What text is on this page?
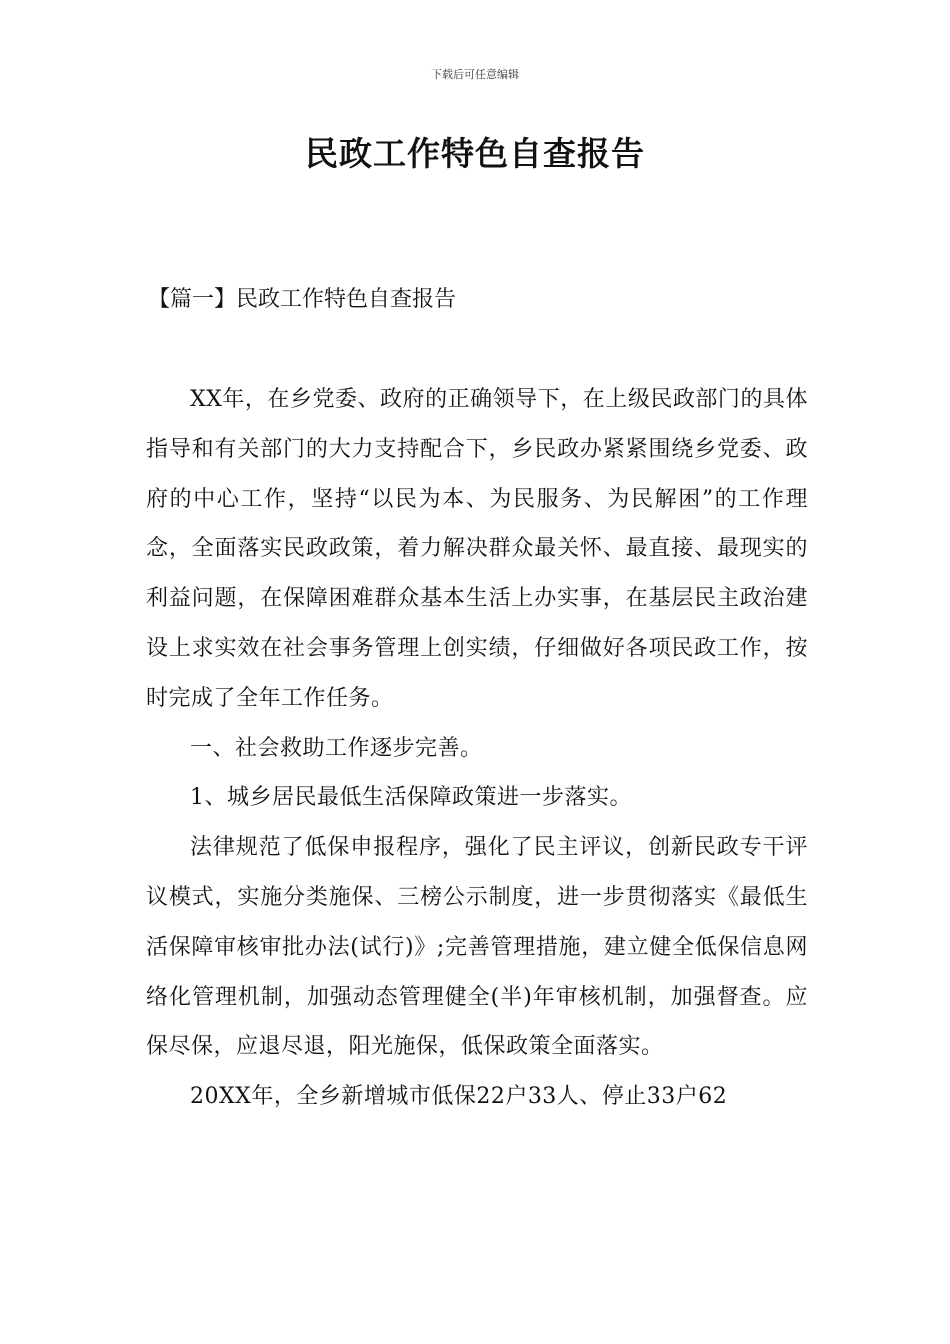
下载后可任意编辑
民政工作特色自查报告
【篇一】民政工作特色自查报告

XX年，在乡党委、政府的正确领导下，在上级民政部门的具体指导和有关部门的大力支持配合下，乡民政办紧紧围绕乡党委、政府的中心工作，坚持“以民为本、为民服务、为民解困”的工作理念，全面落实民政政策，着力解决群众最关怀、最直接、最现实的利益问题，在保障困难群众基本生活上办实事，在基层民主政治建设上求实效在社会事务管理上创实绩，仔细做好各项民政工作，按时完成了全年工作任务。

一、社会救助工作逐步完善。

1、城乡居民最低生活保障政策进一步落实。

法律规范了低保申报程序，强化了民主评议，创新民政专干评议模式，实施分类施保、三榜公示制度，进一步贯彻落实《最低生活保障审核审批办法(试行)》;完善管理措施，建立健全低保信息网络化管理机制，加强动态管理健全(半)年审核机制，加强督查。应保尽保，应退尽退，阳光施保，低保政策全面落实。

20XX年，全乡新增城市低保22户33人、停止33户62
